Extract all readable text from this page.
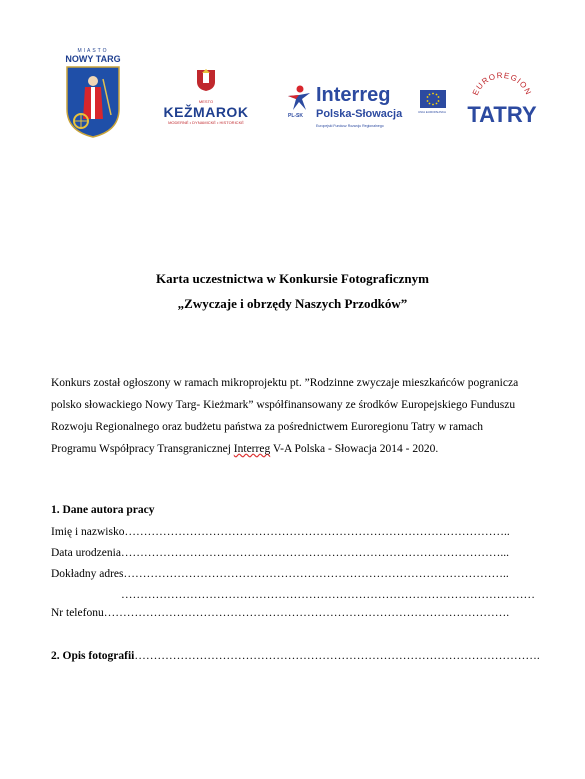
MIASTO
NOWY TARG
MESTO
KEŽMAROK
MODERNÉ • DYNAMICKÉ • HISTORICKÉ
PL-SK
Interreg
Polska-Słowacja
Europejski Fundusz Rozwoju Regionalnego
UNIA EUROPEJSKA
EUROREGION
TATRY
Karta uczestnictwa w Konkursie Fotograficznym
„Zwyczaje i obrzędy Naszych Przodków”
Konkurs został ogłoszony w ramach mikroprojektu pt. ”Rodzinne zwyczaje mieszkańców pogranicza
polsko słowackiego Nowy Targ- Kieżmark” współfinansowany ze środków Europejskiego Funduszu
Rozwoju Regionalnego oraz budżetu państwa za pośrednictwem Euroregionu Tatry w ramach
Programu Współpracy Transgranicznej Interreg V-A Polska - Słowacja 2014 - 2020.
1. Dane autora pracy
Imię i nazwisko………………………………………………………………………………………..
Data urodzenia………………………………………………………………………………………...
Dokładny adres………………………………………………………………………………………..
………………………………………………………………………………………………
Nr telefonu…………………………………………………………………………………………….
2. Opis fotografii…………………………………………………………………………………………….
